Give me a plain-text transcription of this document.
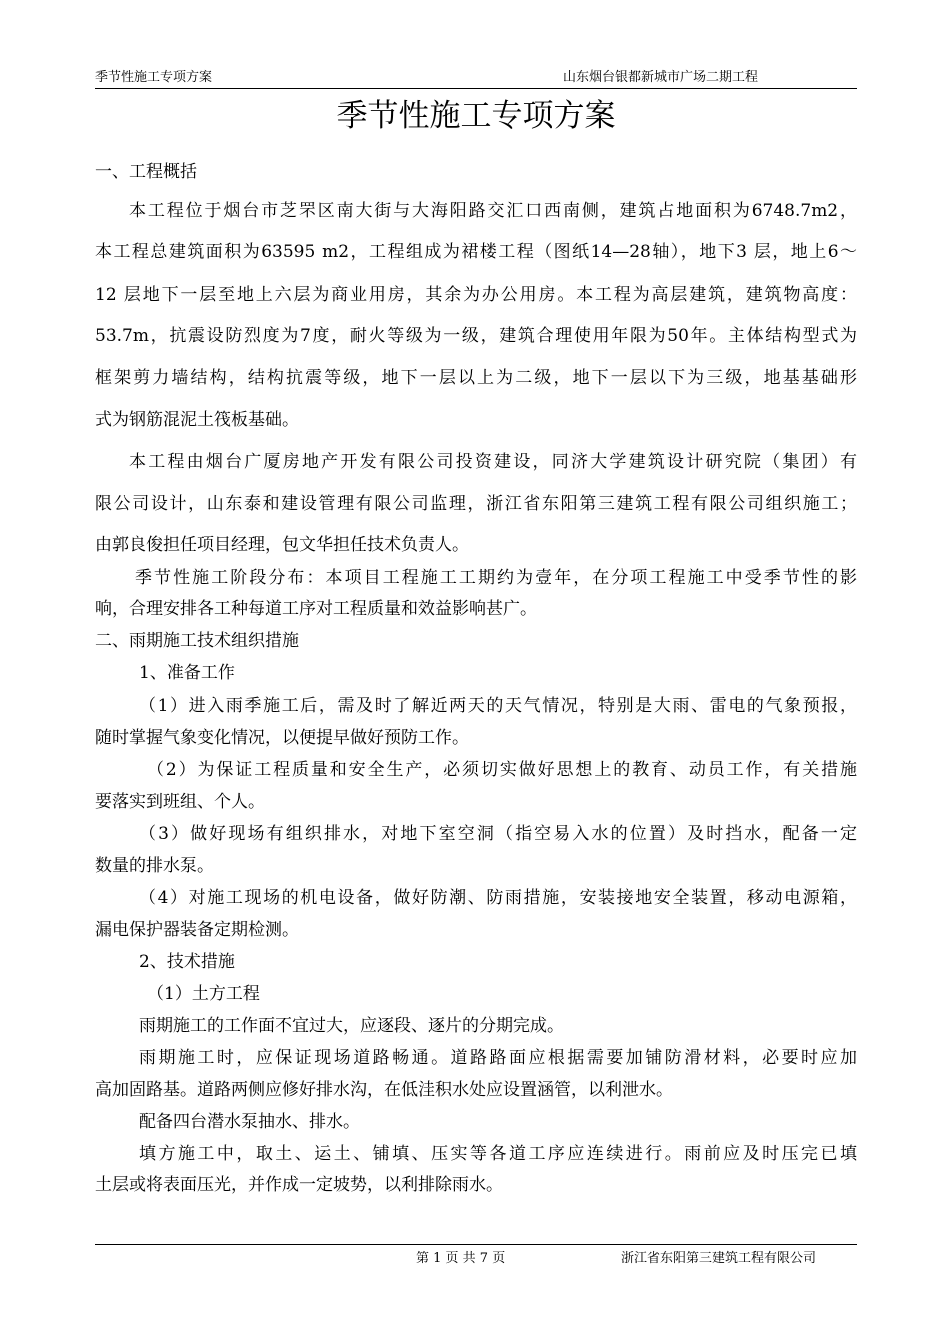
季节性施工专项方案	山东烟台银都新城市广场二期工程
季节性施工专项方案
一、工程概括
本工程位于烟台市芝罘区南大街与大海阳路交汇口西南侧，建筑占地面积为6748.7m2，
本工程总建筑面积为63595 m2，工程组成为裙楼工程（图纸14—28轴），地下3 层，地上6～
12 层地下一层至地上六层为商业用房，其余为办公用房。本工程为高层建筑，建筑物高度：
53.7m，抗震设防烈度为7度，耐火等级为一级，建筑合理使用年限为50年。主体结构型式为
框架剪力墙结构，结构抗震等级，地下一层以上为二级，地下一层以下为三级，地基基础形
式为钢筋混泥土筏板基础。
本工程由烟台广厦房地产开发有限公司投资建设，同济大学建筑设计研究院（集团）有
限公司设计，山东泰和建设管理有限公司监理，浙江省东阳第三建筑工程有限公司组织施工；
由郭良俊担任项目经理，包文华担任技术负责人。
季节性施工阶段分布：本项目工程施工工期约为壹年，在分项工程施工中受季节性的影
响，合理安排各工种每道工序对工程质量和效益影响甚广。
二、雨期施工技术组织措施
1、准备工作
（1）进入雨季施工后，需及时了解近两天的天气情况，特别是大雨、雷电的气象预报，
随时掌握气象变化情况，以便提早做好预防工作。
（2）为保证工程质量和安全生产，必须切实做好思想上的教育、动员工作，有关措施
要落实到班组、个人。
（3）做好现场有组织排水，对地下室空洞（指空易入水的位置）及时挡水，配备一定
数量的排水泵。
（4）对施工现场的机电设备，做好防潮、防雨措施，安装接地安全装置，移动电源箱，
漏电保护器装备定期检测。
2、技术措施
（1）土方工程
雨期施工的工作面不宜过大，应逐段、逐片的分期完成。
雨期施工时，应保证现场道路畅通。道路路面应根据需要加铺防滑材料，必要时应加
高加固路基。道路两侧应修好排水沟，在低洼积水处应设置涵管，以利泄水。
配备四台潜水泵抽水、排水。
填方施工中，取土、运土、铺填、压实等各道工序应连续进行。雨前应及时压完已填
土层或将表面压光，并作成一定坡势，以利排除雨水。
第 1 页 共 7 页	浙江省东阳第三建筑工程有限公司
